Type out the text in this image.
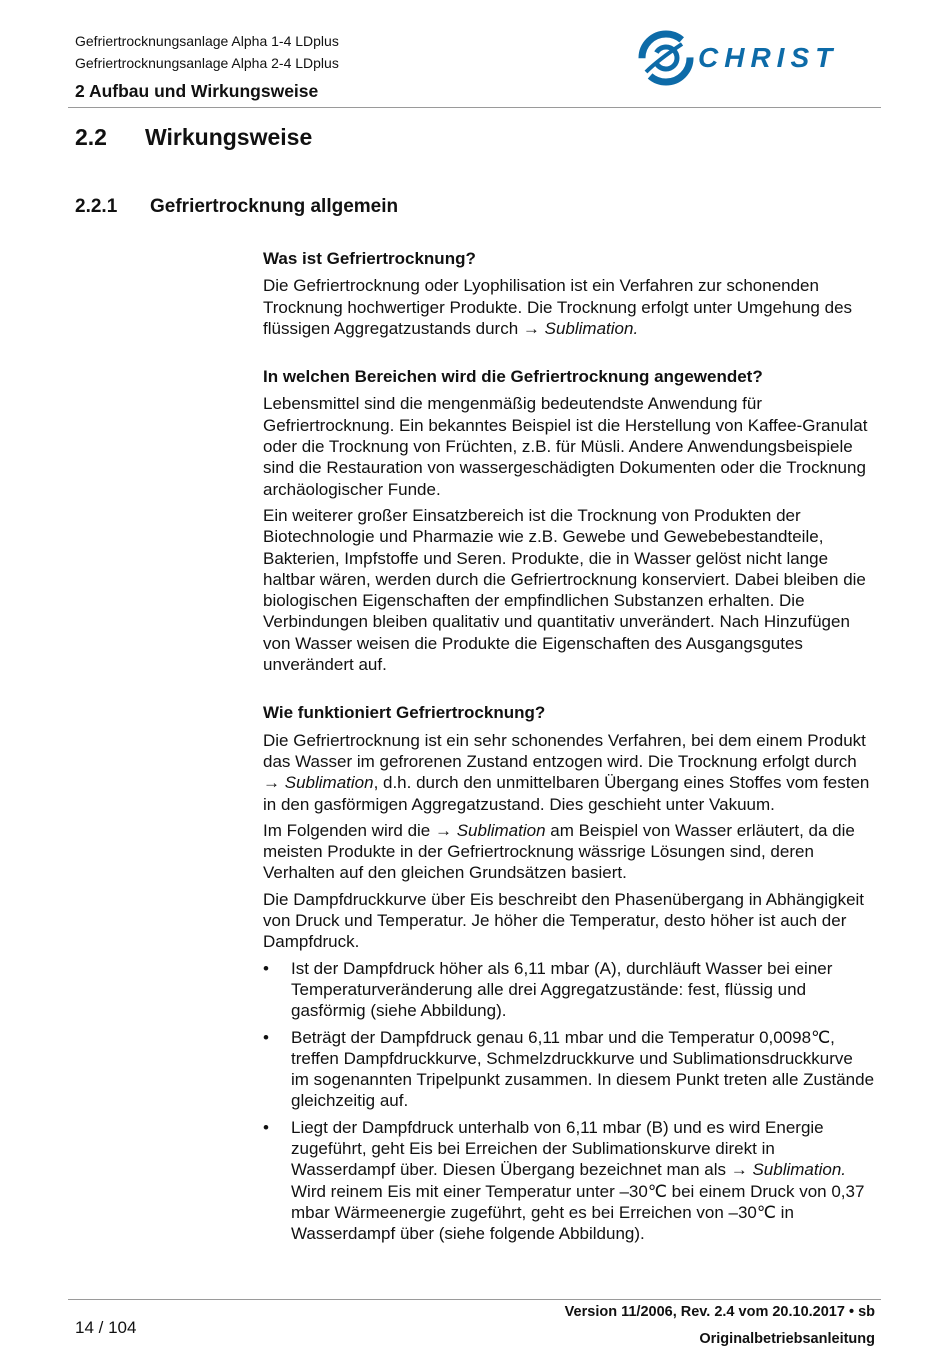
Gefriertrocknungsanlage Alpha 1-4 LDplus
Gefriertrocknungsanlage Alpha 2-4 LDplus
2 Aufbau und Wirkungsweise
CHRIST
2.2 Wirkungsweise
2.2.1 Gefriertrocknung allgemein
Was ist Gefriertrocknung?
Die Gefriertrocknung oder Lyophilisation ist ein Verfahren zur schonenden Trocknung hochwertiger Produkte. Die Trocknung erfolgt unter Umgehung des flüssigen Aggregatzustands durch → Sublimation.
In welchen Bereichen wird die Gefriertrocknung angewendet?
Lebensmittel sind die mengenmäßig bedeutendste Anwendung für Gefriertrocknung. Ein bekanntes Beispiel ist die Herstellung von Kaffee-Granulat oder die Trocknung von Früchten, z.B. für Müsli. Andere Anwendungsbeispiele sind die Restauration von wassergeschädigten Dokumenten oder die Trocknung archäologischer Funde.
Ein weiterer großer Einsatzbereich ist die Trocknung von Produkten der Biotechnologie und Pharmazie wie z.B. Gewebe und Gewebebestandteile, Bakterien, Impfstoffe und Seren. Produkte, die in Wasser gelöst nicht lange haltbar wären, werden durch die Gefriertrocknung konserviert. Dabei bleiben die biologischen Eigenschaften der empfindlichen Substanzen erhalten. Die Verbindungen bleiben qualitativ und quantitativ unverändert. Nach Hinzufügen von Wasser weisen die Produkte die Eigenschaften des Ausgangsgutes unverändert auf.
Wie funktioniert Gefriertrocknung?
Die Gefriertrocknung ist ein sehr schonendes Verfahren, bei dem einem Produkt das Wasser im gefrorenen Zustand entzogen wird. Die Trocknung erfolgt durch → Sublimation, d.h. durch den unmittelbaren Übergang eines Stoffes vom festen in den gasförmigen Aggregatzustand. Dies geschieht unter Vakuum.
Im Folgenden wird die → Sublimation am Beispiel von Wasser erläutert, da die meisten Produkte in der Gefriertrocknung wässrige Lösungen sind, deren Verhalten auf den gleichen Grundsätzen basiert.
Die Dampfdruckkurve über Eis beschreibt den Phasenübergang in Abhängigkeit von Druck und Temperatur. Je höher die Temperatur, desto höher ist auch der Dampfdruck.
• Ist der Dampfdruck höher als 6,11 mbar (A), durchläuft Wasser bei einer Temperaturveränderung alle drei Aggregatzustände: fest, flüssig und gasförmig (siehe Abbildung).
• Beträgt der Dampfdruck genau 6,11 mbar und die Temperatur 0,0098℃, treffen Dampfdruckkurve, Schmelzdruckkurve und Sublimationsdruckkurve im sogenannten Tripelpunkt zusammen. In diesem Punkt treten alle Zustände gleichzeitig auf.
• Liegt der Dampfdruck unterhalb von 6,11 mbar (B) und es wird Energie zugeführt, geht Eis bei Erreichen der Sublimationskurve direkt in Wasserdampf über. Diesen Übergang bezeichnet man als → Sublimation. Wird reinem Eis mit einer Temperatur unter –30℃ bei einem Druck von 0,37 mbar Wärmeenergie zugeführt, geht es bei Erreichen von –30℃ in Wasserdampf über (siehe folgende Abbildung).
14 / 104
Version 11/2006, Rev. 2.4 vom 20.10.2017 • sb
Originalbetriebsanleitung
